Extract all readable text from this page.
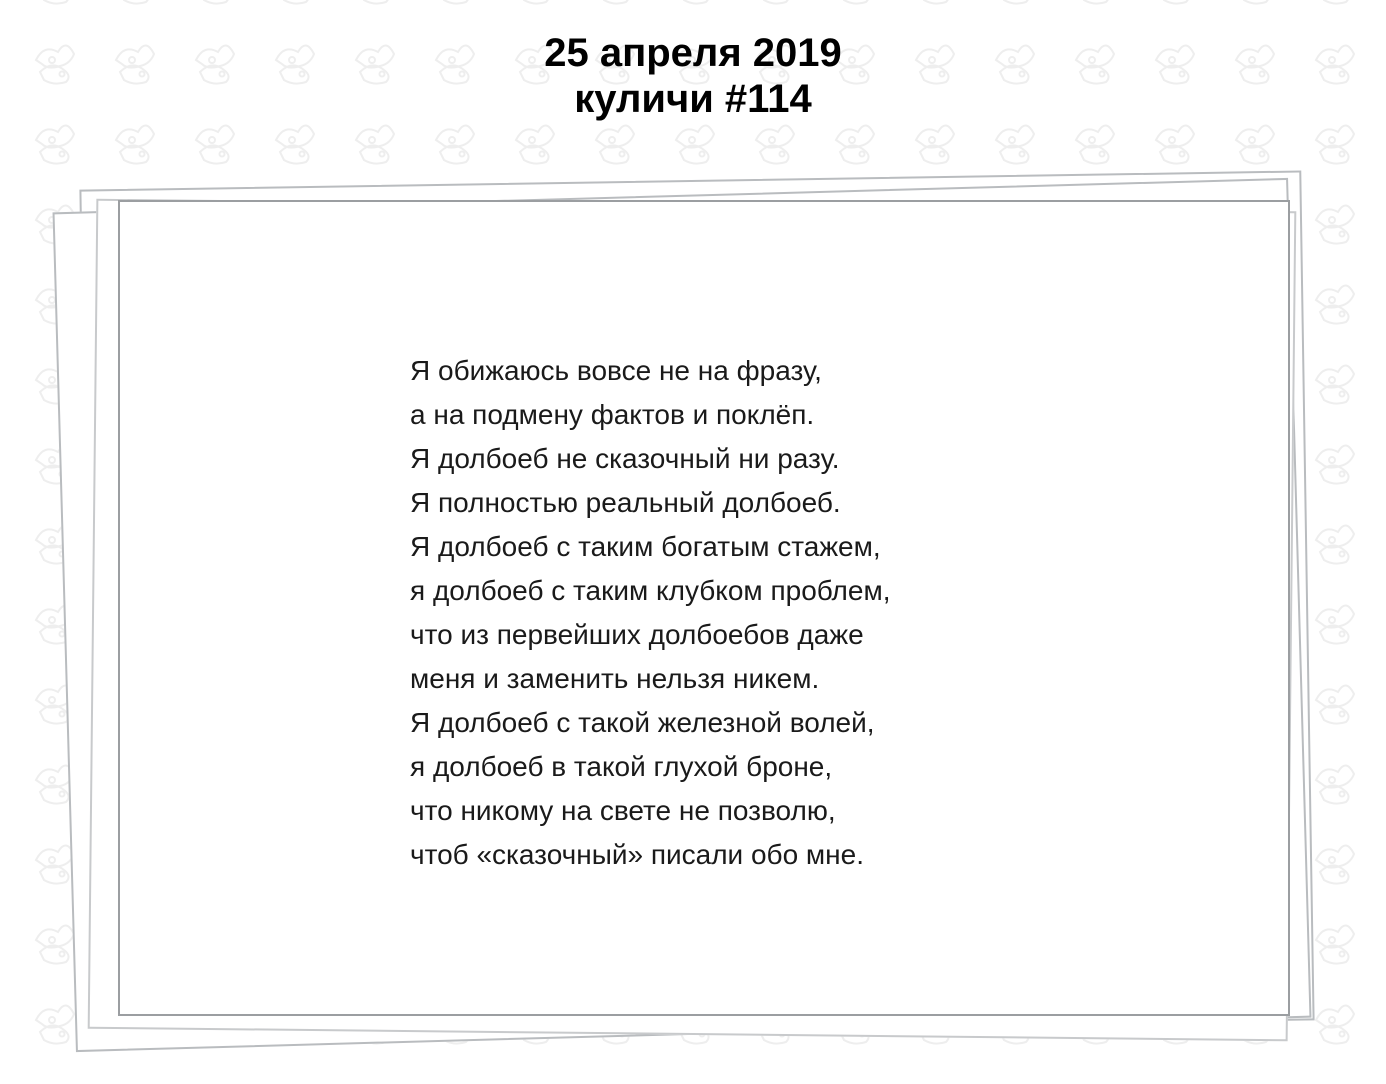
25 апреля 2019
куличи #114
Я обижаюсь вовсе не на фразу,
а на подмену фактов и поклёп.
Я долбоеб не сказочный ни разу.
Я полностью реальный долбоеб.
Я долбоеб с таким богатым стажем,
я долбоеб с таким клубком проблем,
что из первейших долбоебов даже
меня и заменить нельзя никем.
Я долбоеб с такой железной волей,
я долбоеб в такой глухой броне,
что никому на свете не позволю,
чтоб «сказочный» писали обо мне.
